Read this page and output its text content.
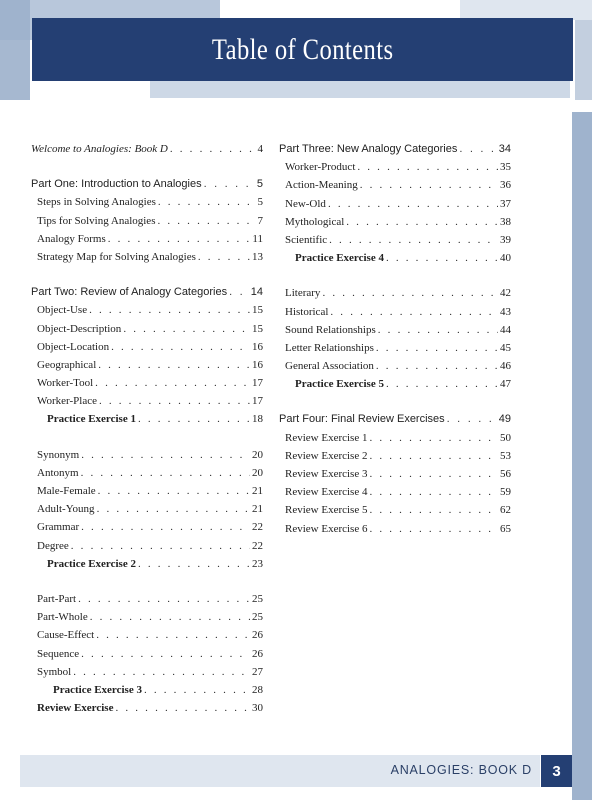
Table of Contents
Welcome to Analogies: Book D . . .	4
Part One: Introduction to Analogies . . .	5
Steps in Solving Analogies . . .	5
Tips for Solving Analogies . . .	7
Analogy Forms . . .	11
Strategy Map for Solving Analogies . . .	13
Part Two: Review of Analogy Categories . . . 14
Object-Use . . .	15
Object-Description . . .	15
Object-Location . . .	16
Geographical . . .	16
Worker-Tool . . .	17
Worker-Place . . .	17
Practice Exercise 1 . . .	18
Synonym . . .	20
Antonym . . .	20
Male-Female . . .	21
Adult-Young . . .	21
Grammar . . .	22
Degree . . .	22
Practice Exercise 2 . . .	23
Part-Part . . .	25
Part-Whole . . .	25
Cause-Effect . . .	26
Sequence . . .	26
Symbol . . .	27
Practice Exercise 3 . . .	28
Review Exercise . . .	30
Part Three: New Analogy Categories . . .	34
Worker-Product . . .	35
Action-Meaning . . .	36
New-Old . . .	37
Mythological . . .	38
Scientific . . .	39
Practice Exercise 4 . . .	40
Literary . . .	42
Historical . . .	43
Sound Relationships . . .	44
Letter Relationships . . .	45
General Association . . .	46
Practice Exercise 5 . . .	47
Part Four: Final Review Exercises . . .	49
Review Exercise 1 . . .	50
Review Exercise 2 . . .	53
Review Exercise 3 . . .	56
Review Exercise 4 . . .	59
Review Exercise 5 . . .	62
Review Exercise 6 . . .	65
ANALOGIES: BOOK D	3
